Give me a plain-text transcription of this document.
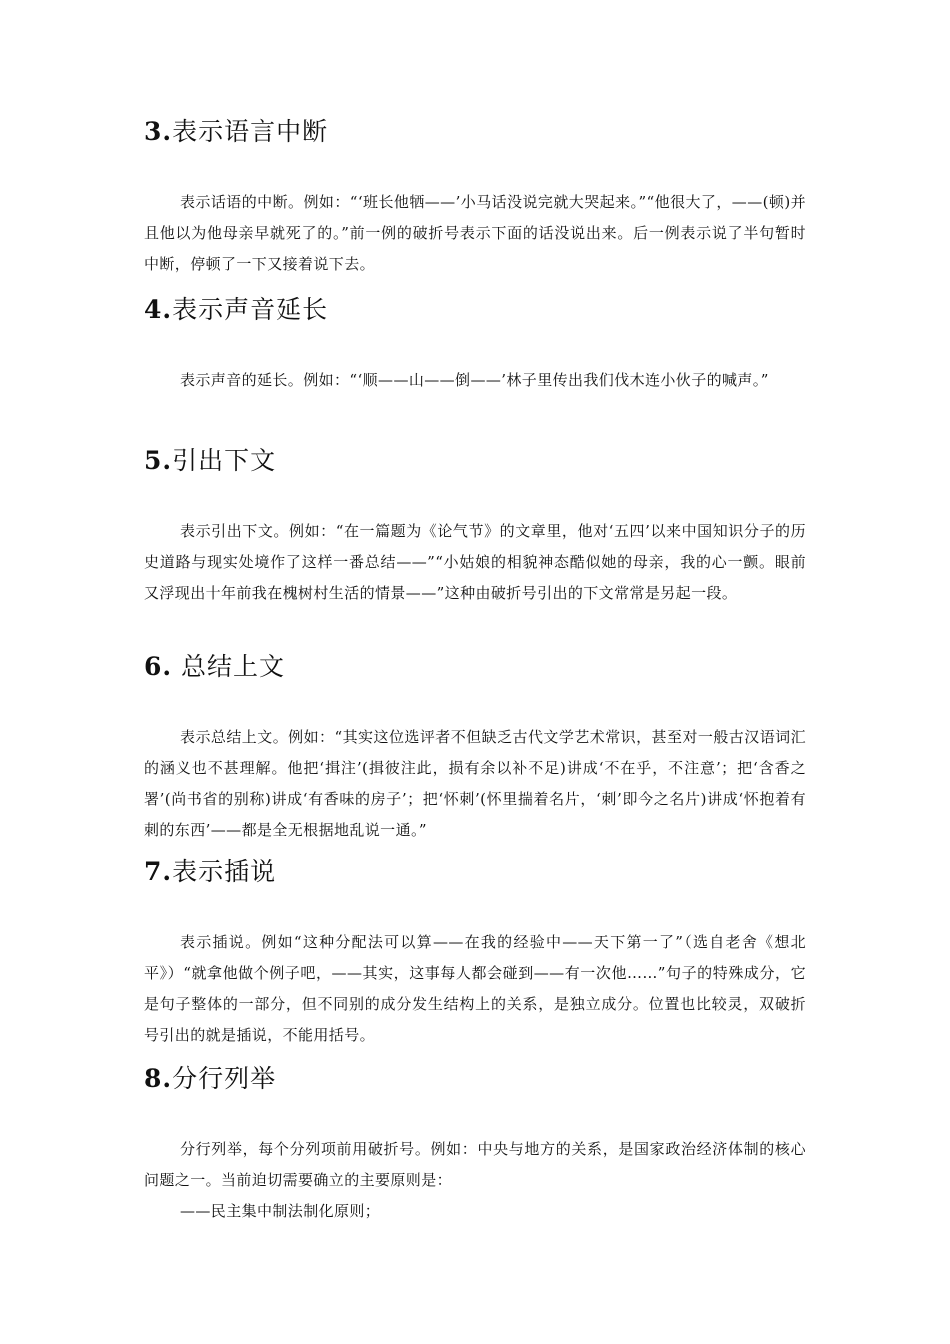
3.表示语言中断

表示话语的中断。例如：“‘班长他牺——’小马话没说完就大哭起来。”“他很大了，——(顿)并且他以为他母亲早就死了的。”前一例的破折号表示下面的话没说出来。后一例表示说了半句暂时中断，停顿了一下又接着说下去。

4.表示声音延长

表示声音的延长。例如：“‘顺——山——倒——’林子里传出我们伐木连小伙子的喊声。”

5.引出下文

表示引出下文。例如：“在一篇题为《论气节》的文章里，他对‘五四’以来中国知识分子的历史道路与现实处境作了这样一番总结——”“小姑娘的相貌神态酷似她的母亲，我的心一颤。眼前又浮现出十年前我在槐树村生活的情景——”这种由破折号引出的下文常常是另起一段。

6. 总结上文

表示总结上文。例如：“其实这位选评者不但缺乏古代文学艺术常识，甚至对一般古汉语词汇的涵义也不甚理解。他把‘揖注’(揖彼注此，损有余以补不足)讲成‘不在乎，不注意’；把‘含香之署’(尚书省的别称)讲成‘有香味的房子’；把‘怀刺’(怀里揣着名片，‘刺’即今之名片)讲成‘怀抱着有刺的东西’——都是全无根据地乱说一通。”

7.表示插说

表示插说。例如“这种分配法可以算——在我的经验中——天下第一了”（选自老舍《想北平》）“就拿他做个例子吧，——其实，这事每人都会碰到——有一次他……”句子的特殊成分，它是句子整体的一部分，但不同别的成分发生结构上的关系，是独立成分。位置也比较灵，双破折号引出的就是插说，不能用括号。

8.分行列举

分行列举，每个分列项前用破折号。例如：中央与地方的关系，是国家政治经济体制的核心问题之一。当前迫切需要确立的主要原则是：

——民主集中制法制化原则；
